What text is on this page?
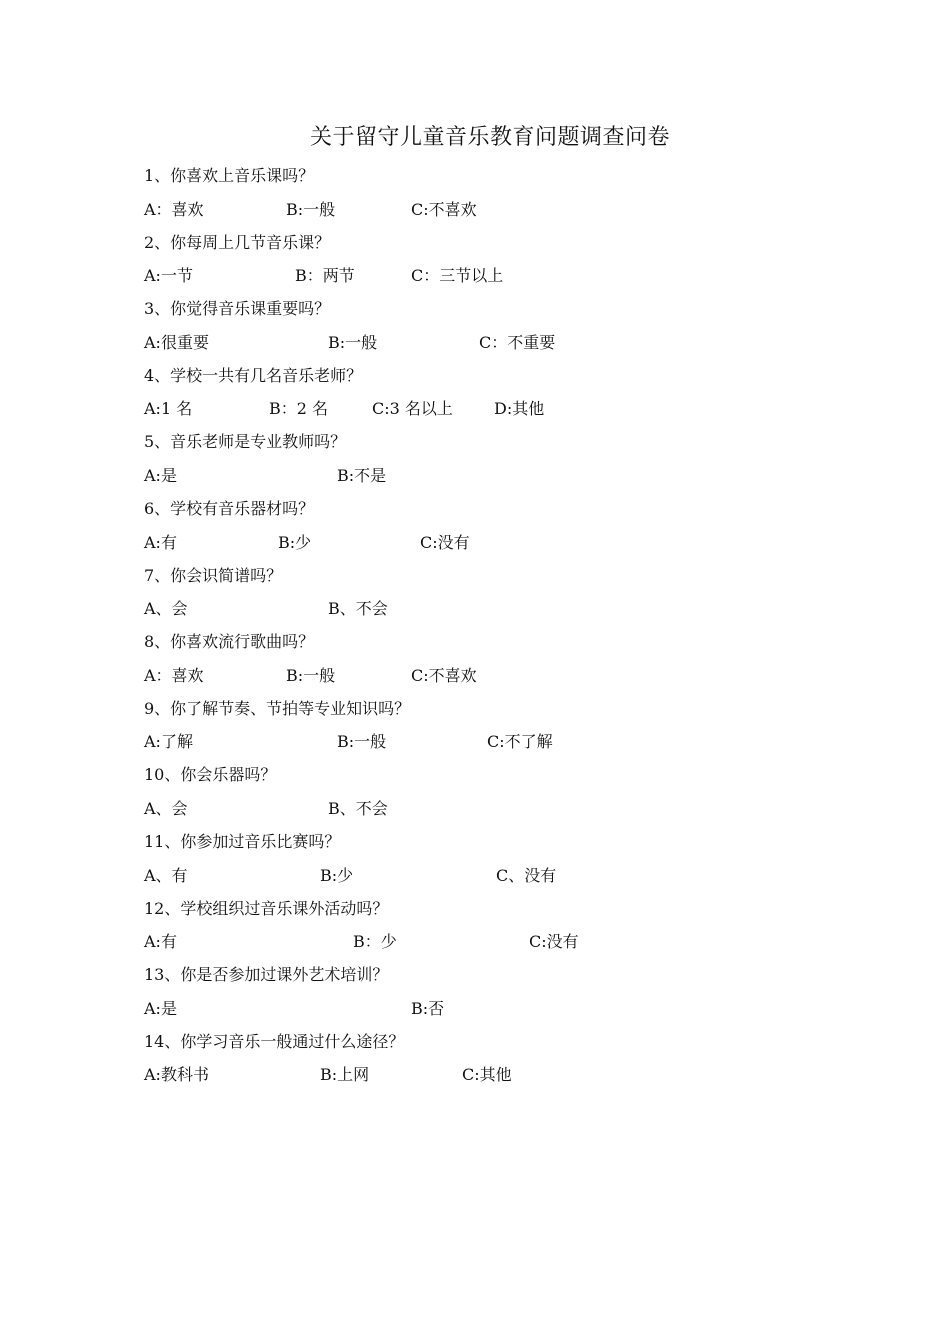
关于留守儿童音乐教育问题调查问卷
1、你喜欢上音乐课吗？
A：喜欢	B:一般	C:不喜欢
2、你每周上几节音乐课？
A:一节	B：两节	C：三节以上
3、你觉得音乐课重要吗？
A:很重要	B:一般	C：不重要
4、学校一共有几名音乐老师？
A:1 名	B：2 名	C:3 名以上	D:其他
5、音乐老师是专业教师吗？
A:是	B:不是
6、学校有音乐器材吗？
A:有	B:少	C:没有
7、你会识简谱吗？
A、会	B、不会
8、你喜欢流行歌曲吗？
A：喜欢	B:一般	C:不喜欢
9、你了解节奏、节拍等专业知识吗？
A:了解	B:一般	C:不了解
10、你会乐器吗？
A、会	B、不会
11、你参加过音乐比赛吗？
A、有	B:少	C、没有
12、学校组织过音乐课外活动吗？
A:有	B：少	C:没有
13、你是否参加过课外艺术培训？
A:是	B:否
14、你学习音乐一般通过什么途径？
A:教科书	B:上网	C:其他
